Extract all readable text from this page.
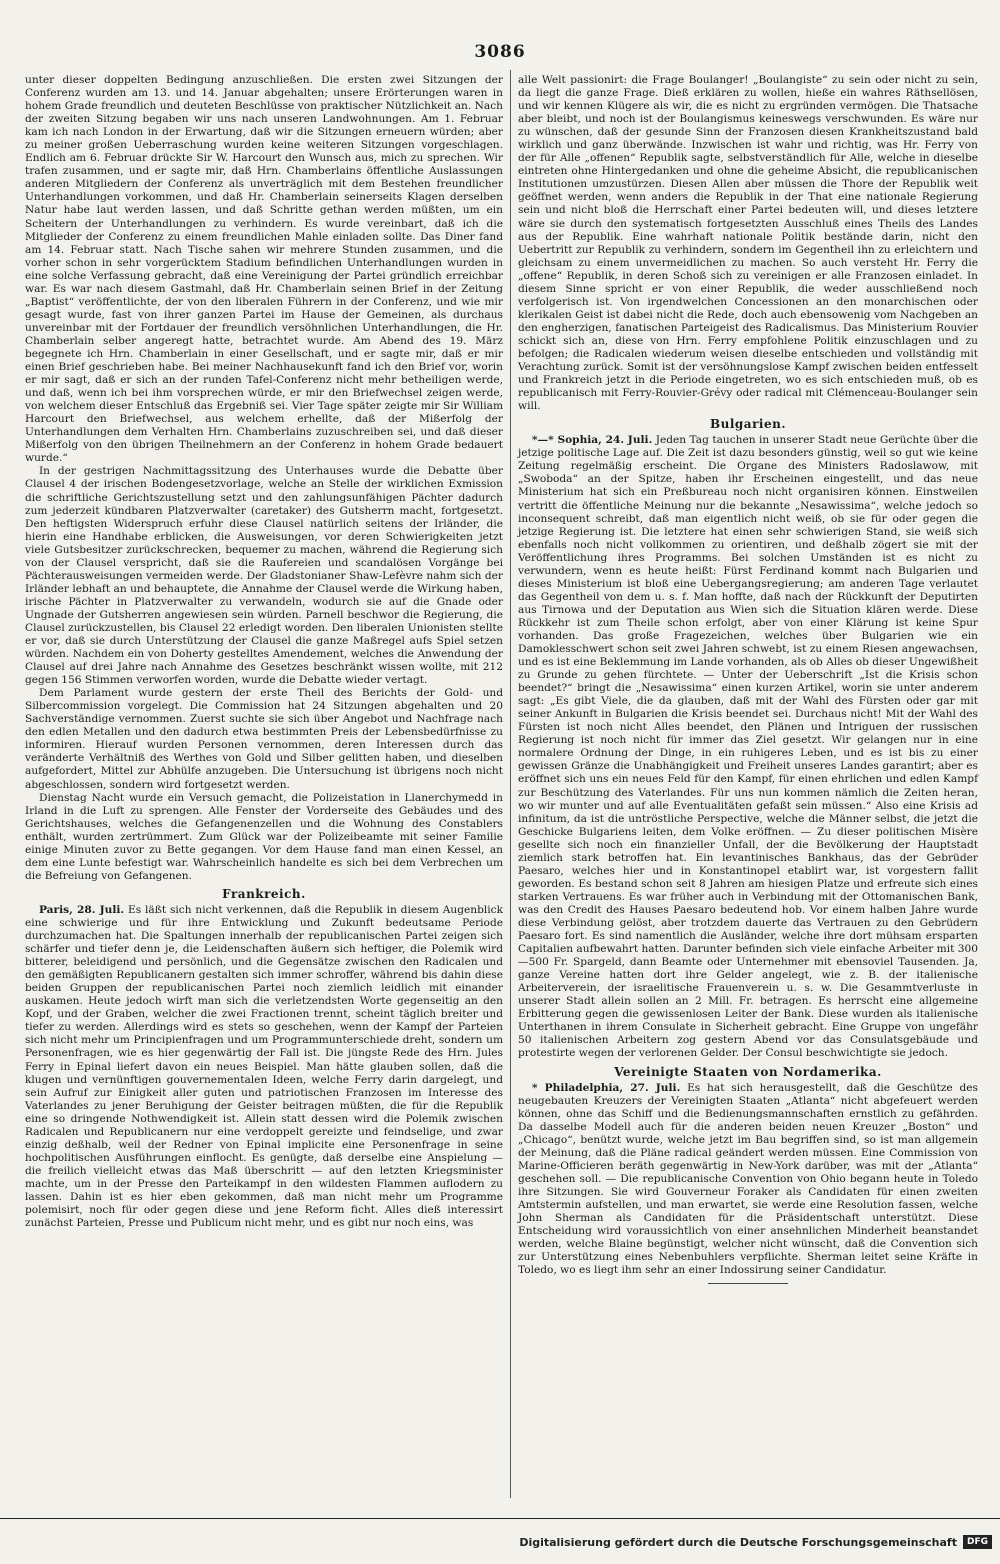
3086

unter dieser doppelten Bedingung anzuschließen. Die ersten zwei Sitzungen der Conferenz wurden am 13. und 14. Januar abgehalten; unsere Erörterungen waren in hohem Grade freundlich und deuteten Beschlüsse von praktischer Nützlichkeit an. Nach der zweiten Sitzung begaben wir uns nach unseren Landwohnungen. Am 1. Februar kam ich nach London in der Erwartung, daß wir die Sitzungen erneuern würden; aber zu meiner großen Ueberraschung wurden keine weiteren Sitzungen vorgeschlagen. Endlich am 6. Februar drückte Sir W. Harcourt den Wunsch aus, mich zu sprechen. Wir trafen zusammen, und er sagte mir, daß Hrn. Chamberlains öffentliche Auslassungen anderen Mitgliedern der Conferenz als unverträglich mit dem Bestehen freundlicher Unterhandlungen vorkommen, und daß Hr. Chamberlain seinerseits Klagen derselben Natur habe laut werden lassen, und daß Schritte gethan werden müßten, um ein Scheitern der Unterhandlungen zu verhindern. Es wurde vereinbart, daß ich die Mitglieder der Conferenz zu einem freundlichen Mahle einladen sollte. Das Diner fand am 14. Februar statt. Nach Tische sahen wir mehrere Stunden zusammen, und die vorher schon in sehr vorgerücktem Stadium befindlichen Unterhandlungen wurden in eine solche Verfassung gebracht, daß eine Vereinigung der Partei gründlich erreichbar war. Es war nach diesem Gastmahl, daß Hr. Chamberlain seinen Brief in der Zeitung „Baptist“ veröffentlichte, der von den liberalen Führern in der Conferenz, und wie mir gesagt wurde, fast von ihrer ganzen Partei im Hause der Gemeinen, als durchaus unvereinbar mit der Fortdauer der freundlich versöhnlichen Unterhandlungen, die Hr. Chamberlain selber angeregt hatte, betrachtet wurde. Am Abend des 19. März begegnete ich Hrn. Chamberlain in einer Gesellschaft, und er sagte mir, daß er mir einen Brief geschrieben habe. Bei meiner Nachhausekunft fand ich den Brief vor, worin er mir sagt, daß er sich an der runden Tafel-Conferenz nicht mehr betheiligen werde, und daß, wenn ich bei ihm vorsprechen würde, er mir den Briefwechsel zeigen werde, von welchem dieser Entschluß das Ergebniß sei. Vier Tage später zeigte mir Sir William Harcourt den Briefwechsel, aus welchem erhellte, daß der Mißerfolg der Unterhandlungen dem Verhalten Hrn. Chamberlains zuzuschreiben sei, und daß dieser Mißerfolg von den übrigen Theilnehmern an der Conferenz in hohem Grade bedauert wurde.“

In der gestrigen Nachmittagssitzung des Unterhauses wurde die Debatte über Clausel 4 der irischen Bodengesetzvorlage, welche an Stelle der wirklichen Exmission die schriftliche Gerichtszustellung setzt und den zahlungsunfähigen Pächter dadurch zum jederzeit kündbaren Platzverwalter (caretaker) des Gutsherrn macht, fortgesetzt. Den heftigsten Widerspruch erfuhr diese Clausel natürlich seitens der Irländer, die hierin eine Handhabe erblicken, die Ausweisungen, vor deren Schwierigkeiten jetzt viele Gutsbesitzer zurückschrecken, bequemer zu machen, während die Regierung sich von der Clausel verspricht, daß sie die Raufereien und scandalösen Vorgänge bei Pächterausweisungen vermeiden werde. Der Gladstonianer Shaw-Lefèvre nahm sich der Irländer lebhaft an und behauptete, die Annahme der Clausel werde die Wirkung haben, irische Pächter in Platzverwalter zu verwandeln, wodurch sie auf die Gnade oder Ungnade der Gutsherren angewiesen sein würden. Parnell beschwor die Regierung, die Clausel zurückzustellen, bis Clausel 22 erledigt worden. Den liberalen Unionisten stellte er vor, daß sie durch Unterstützung der Clausel die ganze Maßregel aufs Spiel setzen würden. Nachdem ein von Doherty gestelltes Amendement, welches die Anwendung der Clausel auf drei Jahre nach Annahme des Gesetzes beschränkt wissen wollte, mit 212 gegen 156 Stimmen verworfen worden, wurde die Debatte wieder vertagt.

Dem Parlament wurde gestern der erste Theil des Berichts der Gold- und Silbercommission vorgelegt. Die Commission hat 24 Sitzungen abgehalten und 20 Sachverständige vernommen. Zuerst suchte sie sich über Angebot und Nachfrage nach den edlen Metallen und den dadurch etwa bestimmten Preis der Lebensbedürfnisse zu informiren. Hierauf wurden Personen vernommen, deren Interessen durch das veränderte Verhältniß des Werthes von Gold und Silber gelitten haben, und dieselben aufgefordert, Mittel zur Abhülfe anzugeben. Die Untersuchung ist übrigens noch nicht abgeschlossen, sondern wird fortgesetzt werden.

Dienstag Nacht wurde ein Versuch gemacht, die Polizeistation in Llanerchymedd in Irland in die Luft zu sprengen. Alle Fenster der Vorderseite des Gebäudes und des Gerichtshauses, welches die Gefangenenzellen und die Wohnung des Constablers enthält, wurden zertrümmert. Zum Glück war der Polizeibeamte mit seiner Familie einige Minuten zuvor zu Bette gegangen. Vor dem Hause fand man einen Kessel, an dem eine Lunte befestigt war. Wahrscheinlich handelte es sich bei dem Verbrechen um die Befreiung von Gefangenen.

Frankreich.

Paris, 28. Juli. Es läßt sich nicht verkennen, daß die Republik in diesem Augenblick eine schwierige und für ihre Entwicklung und Zukunft bedeutsame Periode durchzumachen hat. Die Spaltungen innerhalb der republicanischen Partei zeigen sich schärfer und tiefer denn je, die Leidenschaften äußern sich heftiger, die Polemik wird bitterer, beleidigend und persönlich, und die Gegensätze zwischen den Radicalen und den gemäßigten Republicanern gestalten sich immer schroffer, während bis dahin diese beiden Gruppen der republicanischen Partei noch ziemlich leidlich mit einander auskamen. Heute jedoch wirft man sich die verletzendsten Worte gegenseitig an den Kopf, und der Graben, welcher die zwei Fractionen trennt, scheint täglich breiter und tiefer zu werden. Allerdings wird es stets so geschehen, wenn der Kampf der Parteien sich nicht mehr um Principienfragen und um Programmunterschiede dreht, sondern um Personenfragen, wie es hier gegenwärtig der Fall ist. Die jüngste Rede des Hrn. Jules Ferry in Epinal liefert davon ein neues Beispiel. Man hätte glauben sollen, daß die klugen und vernünftigen gouvernementalen Ideen, welche Ferry darin dargelegt, und sein Aufruf zur Einigkeit aller guten und patriotischen Franzosen im Interesse des Vaterlandes zu jener Beruhigung der Geister beitragen müßten, die für die Republik eine so dringende Nothwendigkeit ist. Allein statt dessen wird die Polemik zwischen Radicalen und Republicanern nur eine verdoppelt gereizte und feindselige, und zwar einzig deßhalb, weil der Redner von Epinal implicite eine Personenfrage in seine hochpolitischen Ausführungen einflocht. Es genügte, daß derselbe eine Anspielung — die freilich vielleicht etwas das Maß überschritt — auf den letzten Kriegsminister machte, um in der Presse den Parteikampf in den wildesten Flammen auflodern zu lassen. Dahin ist es hier eben gekommen, daß man nicht mehr um Programme polemisirt, noch für oder gegen diese und jene Reform ficht. Alles dieß interessirt zunächst Parteien, Presse und Publicum nicht mehr, und es gibt nur noch eins, was

alle Welt passionirt: die Frage Boulanger! „Boulangiste“ zu sein oder nicht zu sein, da liegt die ganze Frage. Dieß erklären zu wollen, hieße ein wahres Räthsellösen, und wir kennen Klügere als wir, die es nicht zu ergründen vermögen. Die Thatsache aber bleibt, und noch ist der Boulangismus keineswegs verschwunden. Es wäre nur zu wünschen, daß der gesunde Sinn der Franzosen diesen Krankheitszustand bald wirklich und ganz überwände. Inzwischen ist wahr und richtig, was Hr. Ferry von der für Alle „offenen“ Republik sagte, selbstverständlich für Alle, welche in dieselbe eintreten ohne Hintergedanken und ohne die geheime Absicht, die republicanischen Institutionen umzustürzen. Diesen Allen aber müssen die Thore der Republik weit geöffnet werden, wenn anders die Republik in der That eine nationale Regierung sein und nicht bloß die Herrschaft einer Partei bedeuten will, und dieses letztere wäre sie durch den systematisch fortgesetzten Ausschluß eines Theils des Landes aus der Republik. Eine wahrhaft nationale Politik bestände darin, nicht den Uebertritt zur Republik zu verhindern, sondern im Gegentheil ihn zu erleichtern und gleichsam zu einem unvermeidlichen zu machen. So auch versteht Hr. Ferry die „offene“ Republik, in deren Schoß sich zu vereinigen er alle Franzosen einladet. In diesem Sinne spricht er von einer Republik, die weder ausschließend noch verfolgerisch ist. Von irgendwelchen Concessionen an den monarchischen oder klerikalen Geist ist dabei nicht die Rede, doch auch ebensowenig vom Nachgeben an den engherzigen, fanatischen Parteigeist des Radicalismus. Das Ministerium Rouvier schickt sich an, diese von Hrn. Ferry empfohlene Politik einzuschlagen und zu befolgen; die Radicalen wiederum weisen dieselbe entschieden und vollständig mit Verachtung zurück. Somit ist der versöhnungslose Kampf zwischen beiden entfesselt und Frankreich jetzt in die Periode eingetreten, wo es sich entschieden muß, ob es republicanisch mit Ferry-Rouvier-Grévy oder radical mit Clémenceau-Boulanger sein will.

Bulgarien.

*—* Sophia, 24. Juli. Jeden Tag tauchen in unserer Stadt neue Gerüchte über die jetzige politische Lage auf. Die Zeit ist dazu besonders günstig, weil so gut wie keine Zeitung regelmäßig erscheint. Die Organe des Ministers Radoslawow, mit „Swoboda“ an der Spitze, haben ihr Erscheinen eingestellt, und das neue Ministerium hat sich ein Preßbureau noch nicht organisiren können. Einstweilen vertritt die öffentliche Meinung nur die bekannte „Nesawissima“, welche jedoch so inconsequent schreibt, daß man eigentlich nicht weiß, ob sie für oder gegen die jetzige Regierung ist. Die letztere hat einen sehr schwierigen Stand, sie weiß sich ebenfalls noch nicht vollkommen zu orientiren, und deßhalb zögert sie mit der Veröffentlichung ihres Programms. Bei solchen Umständen ist es nicht zu verwundern, wenn es heute heißt: Fürst Ferdinand kommt nach Bulgarien und dieses Ministerium ist bloß eine Uebergangsregierung; am anderen Tage verlautet das Gegentheil von dem u. s. f. Man hoffte, daß nach der Rückkunft der Deputirten aus Tirnowa und der Deputation aus Wien sich die Situation klären werde. Diese Rückkehr ist zum Theile schon erfolgt, aber von einer Klärung ist keine Spur vorhanden. Das große Fragezeichen, welches über Bulgarien wie ein Damoklesschwert schon seit zwei Jahren schwebt, ist zu einem Riesen angewachsen, und es ist eine Beklemmung im Lande vorhanden, als ob Alles ob dieser Ungewißheit zu Grunde zu gehen fürchtete. — Unter der Ueberschrift „Ist die Krisis schon beendet?“ bringt die „Nesawissima“ einen kurzen Artikel, worin sie unter anderem sagt: „Es gibt Viele, die da glauben, daß mit der Wahl des Fürsten oder gar mit seiner Ankunft in Bulgarien die Krisis beendet sei. Durchaus nicht! Mit der Wahl des Fürsten ist noch nicht Alles beendet, den Plänen und Intriguen der russischen Regierung ist noch nicht für immer das Ziel gesetzt. Wir gelangen nur in eine normalere Ordnung der Dinge, in ein ruhigeres Leben, und es ist bis zu einer gewissen Gränze die Unabhängigkeit und Freiheit unseres Landes garantirt; aber es eröffnet sich uns ein neues Feld für den Kampf, für einen ehrlichen und edlen Kampf zur Beschützung des Vaterlandes. Für uns nun kommen nämlich die Zeiten heran, wo wir munter und auf alle Eventualitäten gefaßt sein müssen.“ Also eine Krisis ad infinitum, da ist die untröstliche Perspective, welche die Männer selbst, die jetzt die Geschicke Bulgariens leiten, dem Volke eröffnen. — Zu dieser politischen Misère gesellte sich noch ein finanzieller Unfall, der die Bevölkerung der Hauptstadt ziemlich stark betroffen hat. Ein levantinisches Bankhaus, das der Gebrüder Paesaro, welches hier und in Konstantinopel etablirt war, ist vorgestern fallit geworden. Es bestand schon seit 8 Jahren am hiesigen Platze und erfreute sich eines starken Vertrauens. Es war früher auch in Verbindung mit der Ottomanischen Bank, was den Credit des Hauses Paesaro bedeutend hob. Vor einem halben Jahre wurde diese Verbindung gelöst, aber trotzdem dauerte das Vertrauen zu den Gebrüdern Paesaro fort. Es sind namentlich die Ausländer, welche ihre dort mühsam ersparten Capitalien aufbewahrt hatten. Darunter befinden sich viele einfache Arbeiter mit 300—500 Fr. Spargeld, dann Beamte oder Unternehmer mit ebensoviel Tausenden. Ja, ganze Vereine hatten dort ihre Gelder angelegt, wie z. B. der italienische Arbeiterverein, der israelitische Frauenverein u. s. w. Die Gesammtverluste in unserer Stadt allein sollen an 2 Mill. Fr. betragen. Es herrscht eine allgemeine Erbitterung gegen die gewissenlosen Leiter der Bank. Diese wurden als italienische Unterthanen in ihrem Consulate in Sicherheit gebracht. Eine Gruppe von ungefähr 50 italienischen Arbeitern zog gestern Abend vor das Consulatsgebäude und protestirte wegen der verlorenen Gelder. Der Consul beschwichtigte sie jedoch.

Vereinigte Staaten von Nordamerika.

* Philadelphia, 27. Juli. Es hat sich herausgestellt, daß die Geschütze des neugebauten Kreuzers der Vereinigten Staaten „Atlanta“ nicht abgefeuert werden können, ohne das Schiff und die Bedienungsmannschaften ernstlich zu gefährden. Da dasselbe Modell auch für die anderen beiden neuen Kreuzer „Boston“ und „Chicago“, benützt wurde, welche jetzt im Bau begriffen sind, so ist man allgemein der Meinung, daß die Pläne radical geändert werden müssen. Eine Commission von Marine-Officieren beräth gegenwärtig in New-York darüber, was mit der „Atlanta“ geschehen soll. — Die republicanische Convention von Ohio begann heute in Toledo ihre Sitzungen. Sie wird Gouverneur Foraker als Candidaten für einen zweiten Amtstermin aufstellen, und man erwartet, sie werde eine Resolution fassen, welche John Sherman als Candidaten für die Präsidentschaft unterstützt. Diese Entscheidung wird voraussichtlich von einer ansehnlichen Minderheit beanstandet werden, welche Blaine begünstigt, welcher nicht wünscht, daß die Convention sich zur Unterstützung eines Nebenbuhlers verpflichte. Sherman leitet seine Kräfte in Toledo, wo es liegt ihm sehr an einer Indossirung seiner Candidatur.

Digitalisierung gefördert durch die Deutsche Forschungsgemeinschaft	DFG
